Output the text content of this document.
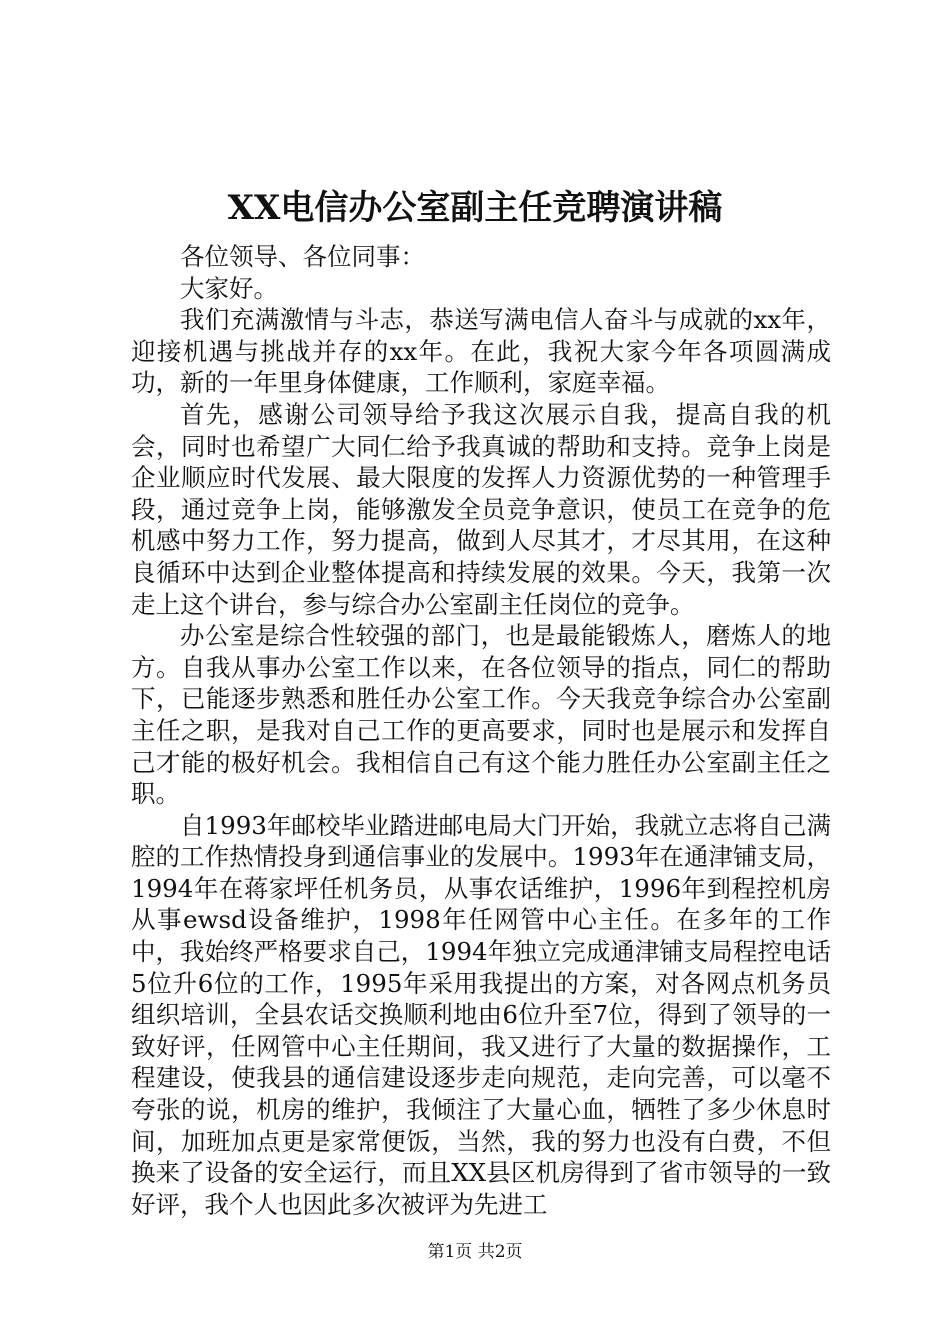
XX电信办公室副主任竞聘演讲稿

各位领导、各位同事：

大家好。

我们充满激情与斗志，恭送写满电信人奋斗与成就的xx年，迎接机遇与挑战并存的xx年。在此，我祝大家今年各项圆满成功，新的一年里身体健康，工作顺利，家庭幸福。

首先，感谢公司领导给予我这次展示自我，提高自我的机会，同时也希望广大同仁给予我真诚的帮助和支持。竞争上岗是企业顺应时代发展、最大限度的发挥人力资源优势的一种管理手段，通过竞争上岗，能够激发全员竞争意识，使员工在竞争的危机感中努力工作，努力提高，做到人尽其才，才尽其用，在这种良循环中达到企业整体提高和持续发展的效果。今天，我第一次走上这个讲台，参与综合办公室副主任岗位的竞争。

办公室是综合性较强的部门，也是最能锻炼人，磨炼人的地方。自我从事办公室工作以来，在各位领导的指点，同仁的帮助下，已能逐步熟悉和胜任办公室工作。今天我竞争综合办公室副主任之职，是我对自己工作的更高要求，同时也是展示和发挥自己才能的极好机会。我相信自己有这个能力胜任办公室副主任之职。

自1993年邮校毕业踏进邮电局大门开始，我就立志将自己满腔的工作热情投身到通信事业的发展中。1993年在通津铺支局，1994年在蒋家坪任机务员，从事农话维护，1996年到程控机房从事ewsd设备维护，1998年任网管中心主任。在多年的工作中，我始终严格要求自己，1994年独立完成通津铺支局程控电话5位升6位的工作，1995年采用我提出的方案，对各网点机务员组织培训，全县农话交换顺利地由6位升至7位，得到了领导的一致好评，任网管中心主任期间，我又进行了大量的数据操作，工程建设，使我县的通信建设逐步走向规范，走向完善，可以毫不夸张的说，机房的维护，我倾注了大量心血，牺牲了多少休息时间，加班加点更是家常便饭，当然，我的努力也没有白费，不但换来了设备的安全运行，而且XX县区机房得到了省市领导的一致好评，我个人也因此多次被评为先进工

第1页 共2页
